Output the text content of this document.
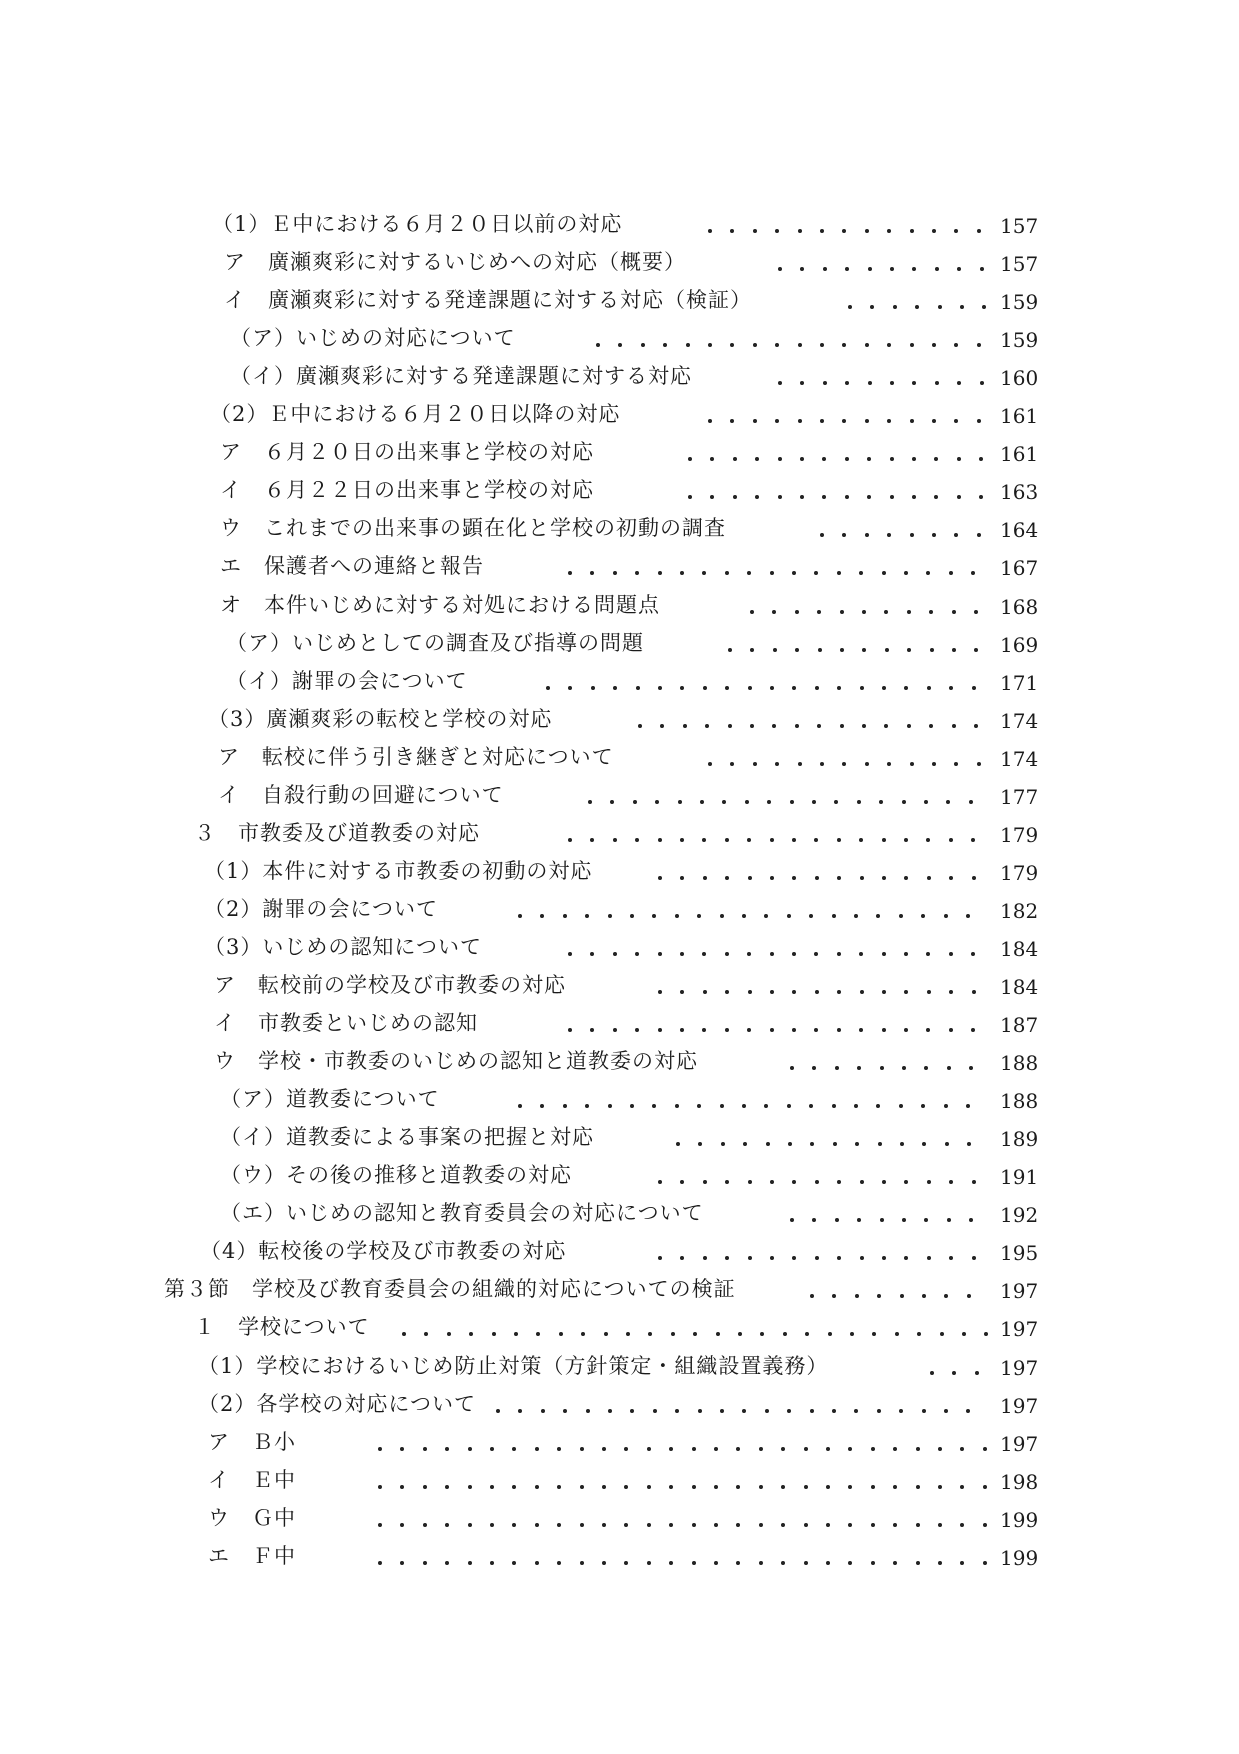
（1）Ｅ中における６月２０日以前の対応	157
ア　廣瀬爽彩に対するいじめへの対応（概要）	157
イ　廣瀬爽彩に対する発達課題に対する対応（検証）	159
（ア）いじめの対応について	159
（イ）廣瀬爽彩に対する発達課題に対する対応	160
（2）Ｅ中における６月２０日以降の対応	161
ア　６月２０日の出来事と学校の対応	161
イ　６月２２日の出来事と学校の対応	163
ウ　これまでの出来事の顕在化と学校の初動の調査	164
エ　保護者への連絡と報告	167
オ　本件いじめに対する対処における問題点	168
（ア）いじめとしての調査及び指導の問題	169
（イ）謝罪の会について	171
（3）廣瀬爽彩の転校と学校の対応	174
ア　転校に伴う引き継ぎと対応について	174
イ　自殺行動の回避について	177
３　市教委及び道教委の対応	179
（1）本件に対する市教委の初動の対応	179
（2）謝罪の会について	182
（3）いじめの認知について	184
ア　転校前の学校及び市教委の対応	184
イ　市教委といじめの認知	187
ウ　学校・市教委のいじめの認知と道教委の対応	188
（ア）道教委について	188
（イ）道教委による事案の把握と対応	189
（ウ）その後の推移と道教委の対応	191
（エ）いじめの認知と教育委員会の対応について	192
（4）転校後の学校及び市教委の対応	195
第３節　学校及び教育委員会の組織的対応についての検証	197
１　学校について	197
（1）学校におけるいじめ防止対策（方針策定・組織設置義務）	197
（2）各学校の対応について	197
ア　Ｂ小	197
イ　Ｅ中	198
ウ　Ｇ中	199
エ　Ｆ中	199
